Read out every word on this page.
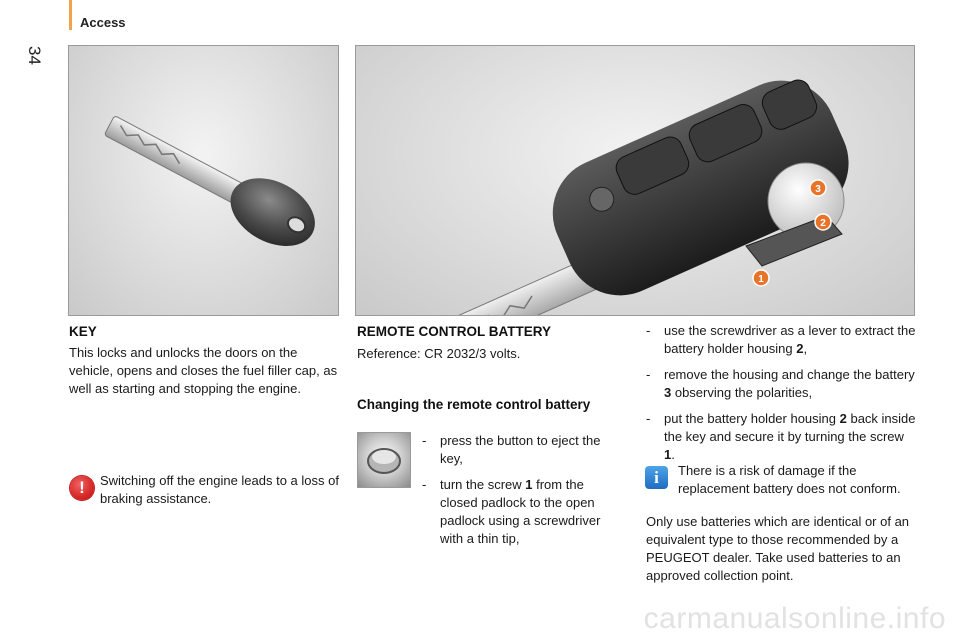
34
Access
3
2
1
KEY

This locks and unlocks the doors on the vehicle, opens and closes the fuel filler cap, as well as starting and stopping the engine.

!	Switching off the engine leads to a loss of braking assistance.

REMOTE CONTROL BATTERY

Reference: CR 2032/3 volts.

Changing the remote control battery
-	press the button to eject the key,
-	turn the screw 1 from the closed padlock to the open padlock using a screwdriver with a thin tip,
-	use the screwdriver as a lever to extract the battery holder housing 2,
-	remove the housing and change the battery 3 observing the polarities,
-	put the battery holder housing 2 back inside the key and secure it by turning the screw 1.
i	There is a risk of damage if the replacement battery does not conform.

Only use batteries which are identical or of an equivalent type to those recommended by a PEUGEOT dealer. Take used batteries to an approved collection point.

carmanualsonline.info
